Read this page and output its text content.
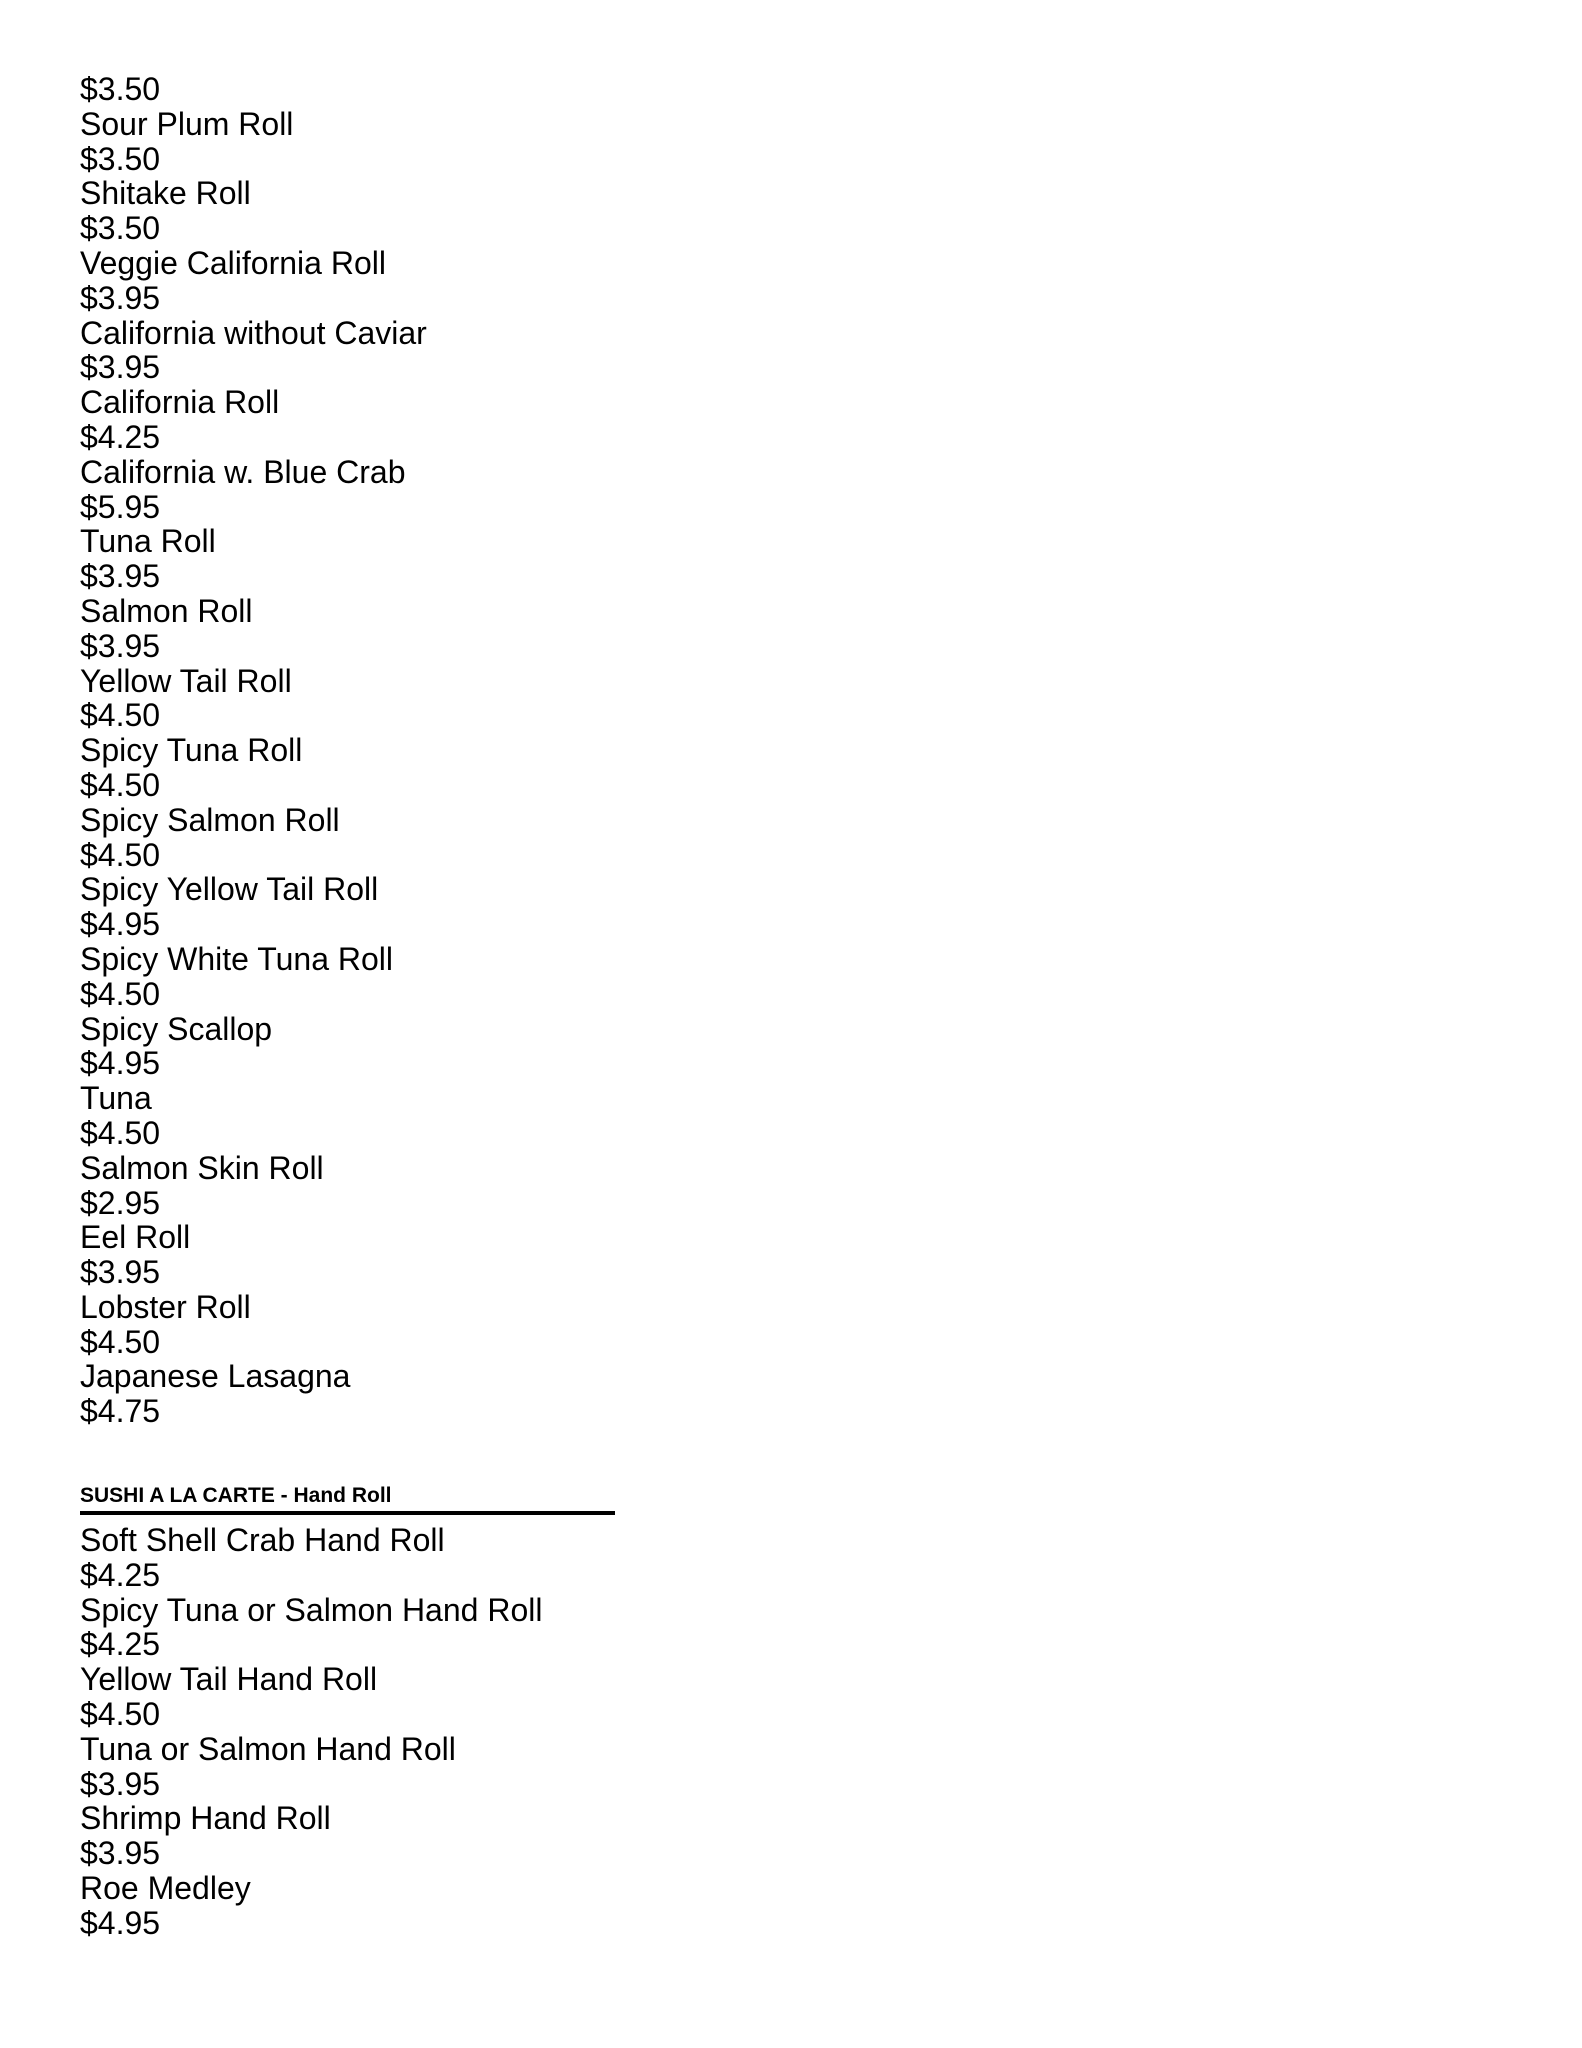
$3.50
Sour Plum Roll
$3.50
Shitake Roll
$3.50
Veggie California Roll
$3.95
California without Caviar
$3.95
California Roll
$4.25
California w. Blue Crab
$5.95
Tuna Roll
$3.95
Salmon Roll
$3.95
Yellow Tail Roll
$4.50
Spicy Tuna Roll
$4.50
Spicy Salmon Roll
$4.50
Spicy Yellow Tail Roll
$4.95
Spicy White Tuna Roll
$4.50
Spicy Scallop
$4.95
Tuna
$4.50
Salmon Skin Roll
$2.95
Eel Roll
$3.95
Lobster Roll
$4.50
Japanese Lasagna
$4.75
SUSHI A LA CARTE - Hand Roll
Soft Shell Crab Hand Roll
$4.25
Spicy Tuna or Salmon Hand Roll
$4.25
Yellow Tail Hand Roll
$4.50
Tuna or Salmon Hand Roll
$3.95
Shrimp Hand Roll
$3.95
Roe Medley
$4.95
